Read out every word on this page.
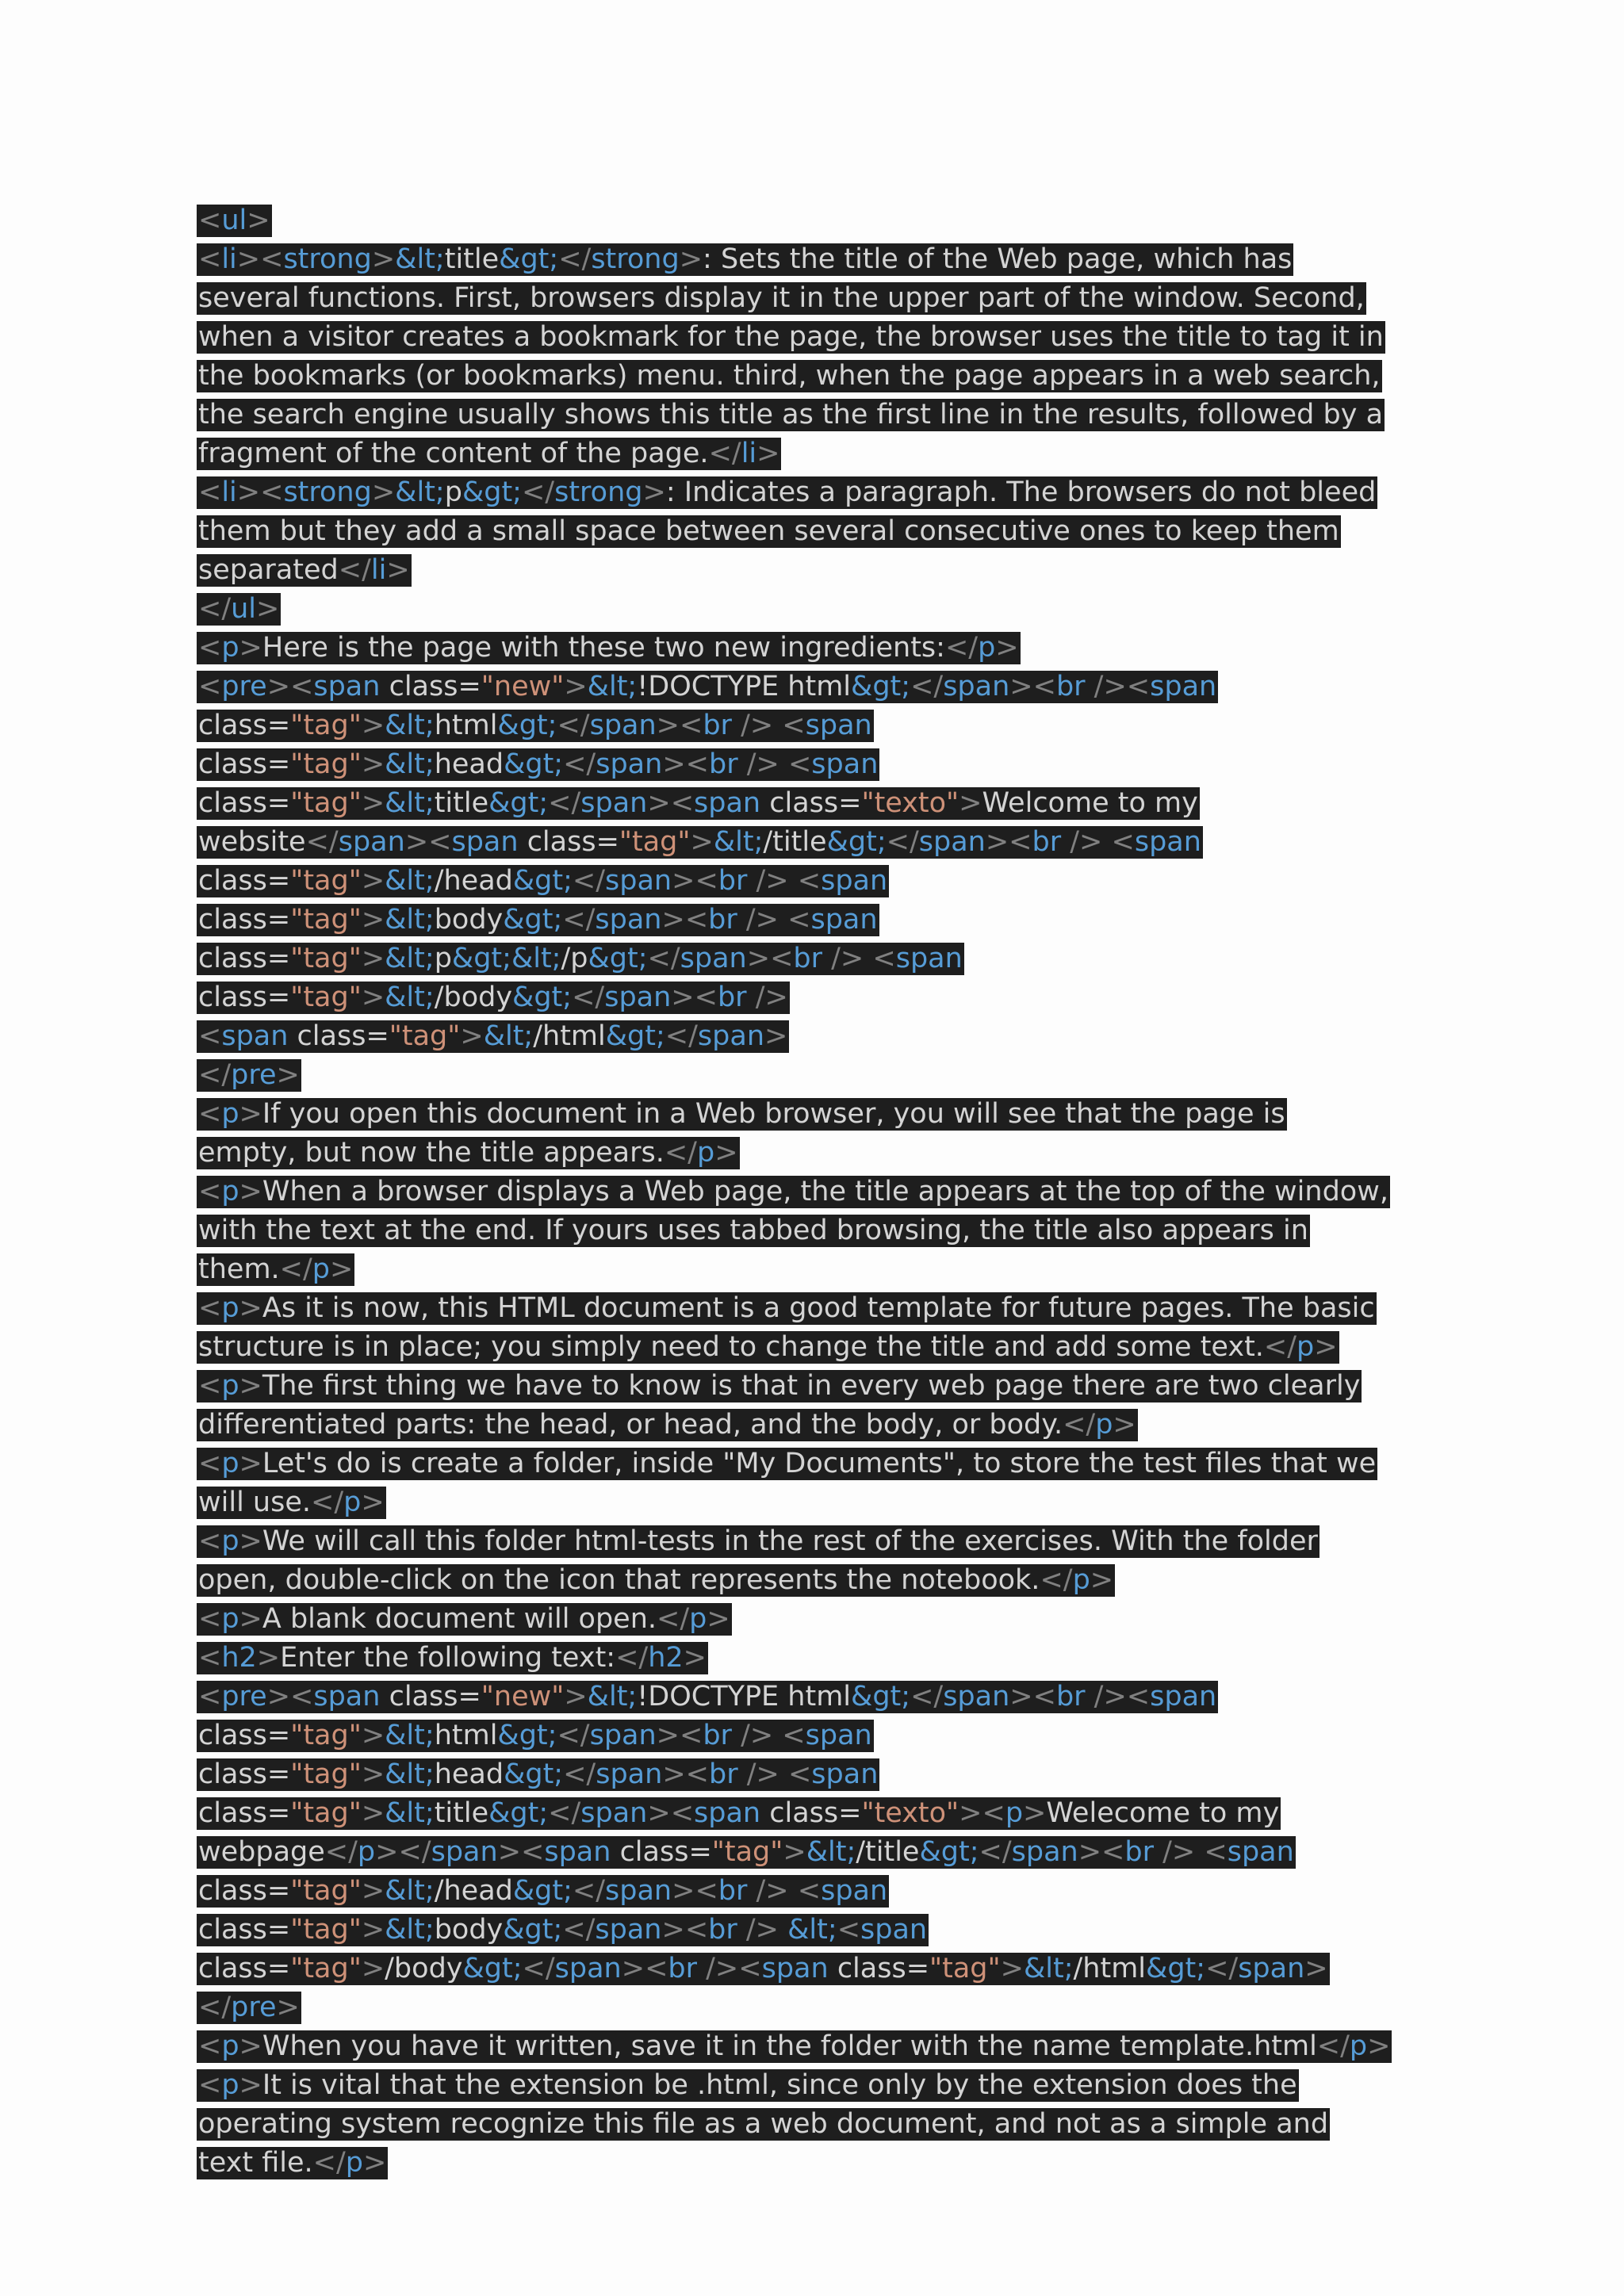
<ul>
<li><strong>&lt;title&gt;</strong>: Sets the title of the Web page, which has
several functions. First, browsers display it in the upper part of the window. Second,
when a visitor creates a bookmark for the page, the browser uses the title to tag it in
the bookmarks (or bookmarks) menu. third, when the page appears in a web search,
the search engine usually shows this title as the first line in the results, followed by a
fragment of the content of the page.</li>
<li><strong>&lt;p&gt;</strong>: Indicates a paragraph. The browsers do not bleed
them but they add a small space between several consecutive ones to keep them
separated</li>
</ul>
<p>Here is the page with these two new ingredients:</p>
<pre><span class="new">&lt;!DOCTYPE html&gt;</span><br /><span
class="tag">&lt;html&gt;</span><br /> <span
class="tag">&lt;head&gt;</span><br /> <span
class="tag">&lt;title&gt;</span><span class="texto">Welcome to my
website</span><span class="tag">&lt;/title&gt;</span><br /> <span
class="tag">&lt;/head&gt;</span><br /> <span
class="tag">&lt;body&gt;</span><br /> <span
class="tag">&lt;p&gt;&lt;/p&gt;</span><br /> <span
class="tag">&lt;/body&gt;</span><br />
<span class="tag">&lt;/html&gt;</span>
</pre>
<p>If you open this document in a Web browser, you will see that the page is
empty, but now the title appears.</p>
<p>When a browser displays a Web page, the title appears at the top of the window,
with the text at the end. If yours uses tabbed browsing, the title also appears in
them.</p>
<p>As it is now, this HTML document is a good template for future pages. The basic
structure is in place; you simply need to change the title and add some text.</p>
<p>The first thing we have to know is that in every web page there are two clearly
differentiated parts: the head, or head, and the body, or body.</p>
<p>Let's do is create a folder, inside "My Documents", to store the test files that we
will use.</p>
<p>We will call this folder html-tests in the rest of the exercises. With the folder
open, double-click on the icon that represents the notebook.</p>
<p>A blank document will open.</p>
<h2>Enter the following text:</h2>
<pre><span class="new">&lt;!DOCTYPE html&gt;</span><br /><span
class="tag">&lt;html&gt;</span><br /> <span
class="tag">&lt;head&gt;</span><br /> <span
class="tag">&lt;title&gt;</span><span class="texto"><p>Welecome to my
webpage</p></span><span class="tag">&lt;/title&gt;</span><br /> <span
class="tag">&lt;/head&gt;</span><br /> <span
class="tag">&lt;body&gt;</span><br /> &lt;<span
class="tag">/body&gt;</span><br /><span class="tag">&lt;/html&gt;</span>
</pre>
<p>When you have it written, save it in the folder with the name template.html</p>
<p>It is vital that the extension be .html, since only by the extension does the
operating system recognize this file as a web document, and not as a simple and
text file.</p>
